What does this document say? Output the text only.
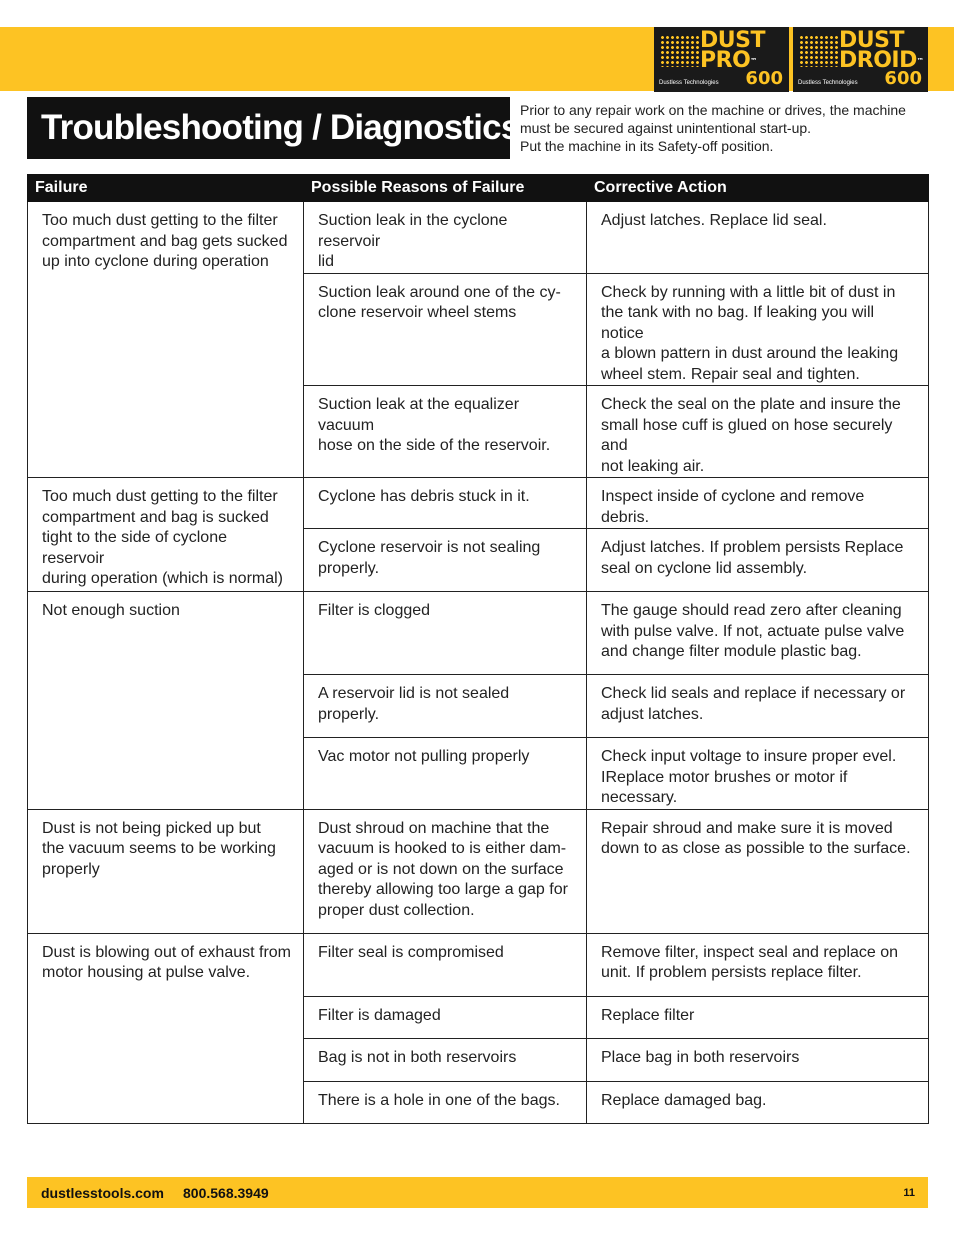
DUST
PRO™
600
Dustless Technologies
DUST
DROID™
600
Dustless Technologies
Troubleshooting / Diagnostics Prior to any repair work on the machine or drives, the machine
must be secured against unintentional start-up.
Put the machine in its Safety-off position.
Failure	Possible Reasons of Failure	Corrective Action

Too much dust getting to the filter
compartment and bag gets sucked
up into cyclone during operation	Suction leak in the cyclone reservoir
lid	Adjust latches. Replace lid seal.

	Suction leak around one of the cy-
clone reservoir wheel stems	Check by running with a little bit of dust in
the tank with no bag. If leaking you will notice
a blown pattern in dust around the leaking
wheel stem. Repair seal and tighten.

	Suction leak at the equalizer vacuum
hose on the side of the reservoir.	Check the seal on the plate and insure the
small hose cuff is glued on hose securely and
not leaking air.

Too much dust getting to the filter
compartment and bag is sucked
tight to the side of cyclone reservoir
during operation (which is normal)	Cyclone has debris stuck in it.	Inspect inside of cyclone and remove debris.

	Cyclone reservoir is not sealing
properly.	Adjust latches. If problem persists Replace
seal on cyclone lid assembly.

Not enough suction	Filter is clogged	The gauge should read zero after cleaning
with pulse valve. If not, actuate pulse valve
and change filter module plastic bag.

	A reservoir lid is not sealed properly.	Check lid seals and replace if necessary or
adjust latches.

	Vac motor not pulling properly	Check input voltage to insure proper evel.
IReplace motor brushes or motor if necessary.

Dust is not being picked up but
the vacuum seems to be working
properly	Dust shroud on machine that the
vacuum is hooked to is either dam-
aged or is not down on the surface
thereby allowing too large a gap for
proper dust collection.	Repair shroud and make sure it is moved
down to as close as possible to the surface.

Dust is blowing out of exhaust from
motor housing at pulse valve.	Filter seal is compromised	Remove filter, inspect seal and replace on
unit. If problem persists replace filter.

	Filter is damaged	Replace filter

	Bag is not in both reservoirs	Place bag in both reservoirs

	There is a hole in one of the bags.	Replace damaged bag.
dustlesstools.com 800.568.3949	11
